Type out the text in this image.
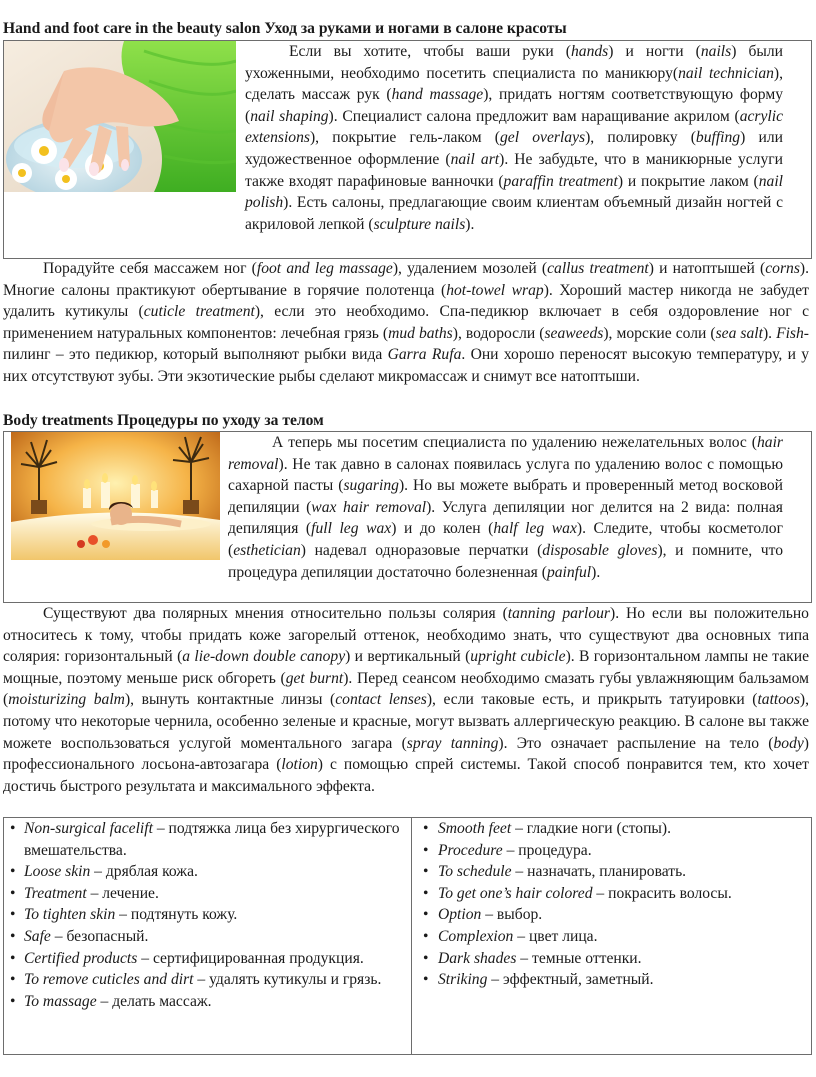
Hand and foot care in the beauty salon Уход за руками и ногами в салоне красоты
Если вы хотите, чтобы ваши руки (hands) и ногти (nails) были ухоженными, необходимо посетить специалиста по маникюру(nail technician), сделать массаж рук (hand massage), придать ногтям соответствующую форму (nail shaping). Специалист салона предложит вам наращивание акрилом (acrylic extensions), покрытие гель-лаком (gel overlays), полировку (buffing) или художественное оформление (nail art). Не забудьте, что в маникюрные услуги также входят парафиновые ванночки (paraffin treatment) и покрытие лаком (nail polish). Есть салоны, предлагающие своим клиентам объемный дизайн ногтей с акриловой лепкой (sculpture nails).
Порадуйте себя массажем ног (foot and leg massage), удалением мозолей (callus treatment) и натоптышей (corns). Многие салоны практикуют обертывание в горячие полотенца (hot-towel wrap). Хороший мастер никогда не забудет удалить кутикулы (cuticle treatment), если это необходимо. Спа-педикюр включает в себя оздоровление ног с применением натуральных компонентов: лечебная грязь (mud baths), водоросли (seaweeds), морские соли (sea salt). Fish-пилинг – это педикюр, который выполняют рыбки вида Garra Rufa. Они хорошо переносят высокую температуру, и у них отсутствуют зубы. Эти экзотические рыбы сделают микромассаж и снимут все натоптыши.
Body treatments Процедуры по уходу за телом
А теперь мы посетим специалиста по удалению нежелательных волос (hair removal). Не так давно в салонах появилась услуга по удалению волос с помощью сахарной пасты (sugaring). Но вы можете выбрать и проверенный метод восковой депиляции (wax hair removal). Услуга депиляции ног делится на 2 вида: полная депиляция (full leg wax) и до колен (half leg wax). Следите, чтобы косметолог (esthetician) надевал одноразовые перчатки (disposable gloves), и помните, что процедура депиляции достаточно болезненная (painful).
Существуют два полярных мнения относительно пользы солярия (tanning parlour). Но если вы положительно относитесь к тому, чтобы придать коже загорелый оттенок, необходимо знать, что существуют два основных типа солярия: горизонтальный (a lie-down double canopy) и вертикальный (upright cubicle). В горизонтальном лампы не такие мощные, поэтому меньше риск обгореть (get burnt). Перед сеансом необходимо смазать губы увлажняющим бальзамом (moisturizing balm), вынуть контактные линзы (contact lenses), если таковые есть, и прикрыть татуировки (tattoos), потому что некоторые чернила, особенно зеленые и красные, могут вызвать аллергическую реакцию. В салоне вы также можете воспользоваться услугой моментального загара (spray tanning). Это означает распыление на тело (body) профессионального лосьона-автозагара (lotion) с помощью спрей системы. Такой способ понравится тем, кто хочет достичь быстрого результата и максимального эффекта.
• Non-surgical facelift – подтяжка лица без хирургического вмешательства.
• Loose skin – дряблая кожа.
• Treatment – лечение.
• To tighten skin – подтянуть кожу.
• Safe – безопасный.
• Certified products – сертифицированная продукция.
• To remove cuticles and dirt – удалять кутикулы и грязь.
• To massage – делать массаж.
• Smooth feet – гладкие ноги (стопы).
• Procedure – процедура.
• To schedule – назначать, планировать.
• To get one’s hair colored – покрасить волосы.
• Option – выбор.
• Complexion – цвет лица.
• Dark shades – темные оттенки.
• Striking – эффектный, заметный.
